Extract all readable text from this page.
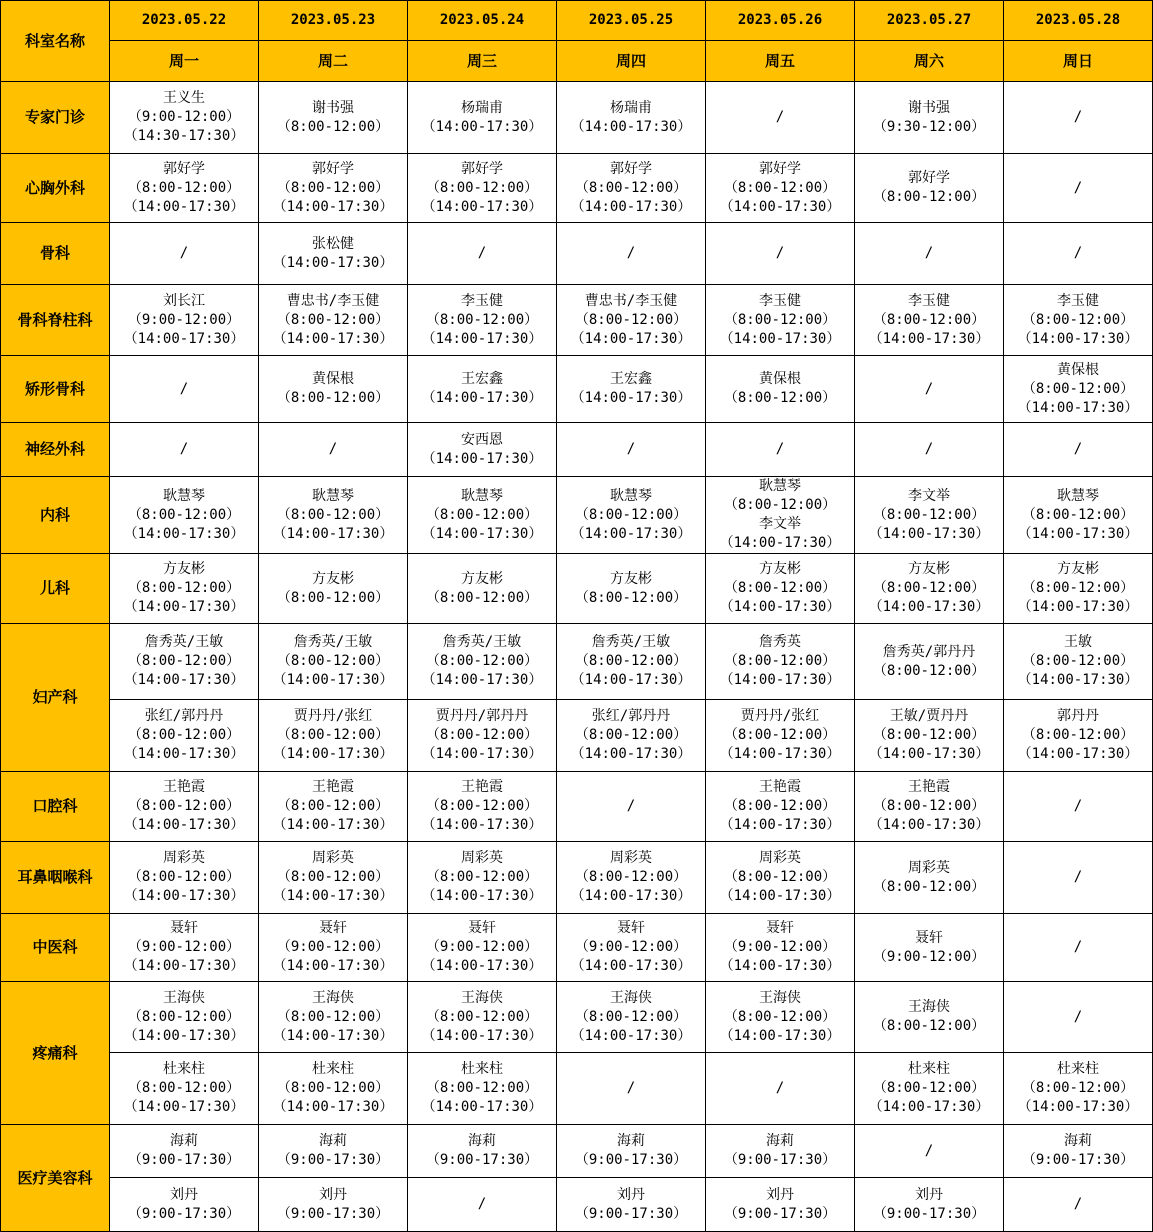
科室名称	2023.05.22	2023.05.23	2023.05.24	2023.05.25	2023.05.26	2023.05.27	2023.05.28
	周一	周二	周三	周四	周五	周六	周日
专家门诊	王义生
（9:00-12:00）
（14:30-17:30）	谢书强
（8:00-12:00）	杨瑞甫
（14:00-17:30）	杨瑞甫
（14:00-17:30）	/	谢书强
（9:30-12:00）	/

心胸外科	郭好学
（8:00-12:00）
（14:00-17:30）	郭好学
（8:00-12:00）
（14:00-17:30）	郭好学
（8:00-12:00）
（14:00-17:30）	郭好学
（8:00-12:00）
（14:00-17:30）	郭好学
（8:00-12:00）
（14:00-17:30）	郭好学
（8:00-12:00）	/

骨科	/	张松健
（14:00-17:30）	/	/	/	/	/

骨科脊柱科	刘长江
（9:00-12:00）
（14:00-17:30）	曹忠书/李玉健
（8:00-12:00）
（14:00-17:30）	李玉健
（8:00-12:00）
（14:00-17:30）	曹忠书/李玉健
（8:00-12:00）
（14:00-17:30）	李玉健
（8:00-12:00）
（14:00-17:30）	李玉健
（8:00-12:00）
（14:00-17:30）	李玉健
（8:00-12:00）
（14:00-17:30）

矫形骨科	/	黄保根
（8:00-12:00）	王宏鑫
（14:00-17:30）	王宏鑫
（14:00-17:30）	黄保根
（8:00-12:00）	/	黄保根
（8:00-12:00）
（14:00-17:30）

神经外科	/	/	安西恩
（14:00-17:30）	/	/	/	/

内科	耿慧琴
（8:00-12:00）
（14:00-17:30）	耿慧琴
（8:00-12:00）
（14:00-17:30）	耿慧琴
（8:00-12:00）
（14:00-17:30）	耿慧琴
（8:00-12:00）
（14:00-17:30）	耿慧琴
（8:00-12:00）
李文举
（14:00-17:30）	李文举
（8:00-12:00）
（14:00-17:30）	耿慧琴
（8:00-12:00）
（14:00-17:30）

儿科	方友彬
（8:00-12:00）
（14:00-17:30）	方友彬
（8:00-12:00）	方友彬
（8:00-12:00）	方友彬
（8:00-12:00）	方友彬
（8:00-12:00）
（14:00-17:30）	方友彬
（8:00-12:00）
（14:00-17:30）	方友彬
（8:00-12:00）
（14:00-17:30）

妇产科	詹秀英/王敏
（8:00-12:00）
（14:00-17:30）	詹秀英/王敏
（8:00-12:00）
（14:00-17:30）	詹秀英/王敏
（8:00-12:00）
（14:00-17:30）	詹秀英/王敏
（8:00-12:00）
（14:00-17:30）	詹秀英
（8:00-12:00）
（14:00-17:30）	詹秀英/郭丹丹
（8:00-12:00）	王敏
（8:00-12:00）
（14:00-17:30）

	张红/郭丹丹
（8:00-12:00）
（14:00-17:30）	贾丹丹/张红
（8:00-12:00）
（14:00-17:30）	贾丹丹/郭丹丹
（8:00-12:00）
（14:00-17:30）	张红/郭丹丹
（8:00-12:00）
（14:00-17:30）	贾丹丹/张红
（8:00-12:00）
（14:00-17:30）	王敏/贾丹丹
（8:00-12:00）
（14:00-17:30）	郭丹丹
（8:00-12:00）
（14:00-17:30）

口腔科	王艳霞
（8:00-12:00）
（14:00-17:30）	王艳霞
（8:00-12:00）
（14:00-17:30）	王艳霞
（8:00-12:00）
（14:00-17:30）	/	王艳霞
（8:00-12:00）
（14:00-17:30）	王艳霞
（8:00-12:00）
（14:00-17:30）	/

耳鼻咽喉科	周彩英
（8:00-12:00）
（14:00-17:30）	周彩英
（8:00-12:00）
（14:00-17:30）	周彩英
（8:00-12:00）
（14:00-17:30）	周彩英
（8:00-12:00）
（14:00-17:30）	周彩英
（8:00-12:00）
（14:00-17:30）	周彩英
（8:00-12:00）	/

中医科	聂轩
（9:00-12:00）
（14:00-17:30）	聂轩
（9:00-12:00）
（14:00-17:30）	聂轩
（9:00-12:00）
（14:00-17:30）	聂轩
（9:00-12:00）
（14:00-17:30）	聂轩
（9:00-12:00）
（14:00-17:30）	聂轩
（9:00-12:00）	/

疼痛科	王海侠
（8:00-12:00）
（14:00-17:30）	王海侠
（8:00-12:00）
（14:00-17:30）	王海侠
（8:00-12:00）
（14:00-17:30）	王海侠
（8:00-12:00）
（14:00-17:30）	王海侠
（8:00-12:00）
（14:00-17:30）	王海侠
（8:00-12:00）	/

	杜来柱
（8:00-12:00）
（14:00-17:30）	杜来柱
（8:00-12:00）
（14:00-17:30）	杜来柱
（8:00-12:00）
（14:00-17:30）	/	/	杜来柱
（8:00-12:00）
（14:00-17:30）	杜来柱
（8:00-12:00）
（14:00-17:30）

医疗美容科	海莉
（9:00-17:30）	海莉
（9:00-17:30）	海莉
（9:00-17:30）	海莉
（9:00-17:30）	海莉
（9:00-17:30）	/	海莉
（9:00-17:30）

	刘丹
（9:00-17:30）	刘丹
（9:00-17:30）	/	刘丹
（9:00-17:30）	刘丹
（9:00-17:30）	刘丹
（9:00-17:30）	/
